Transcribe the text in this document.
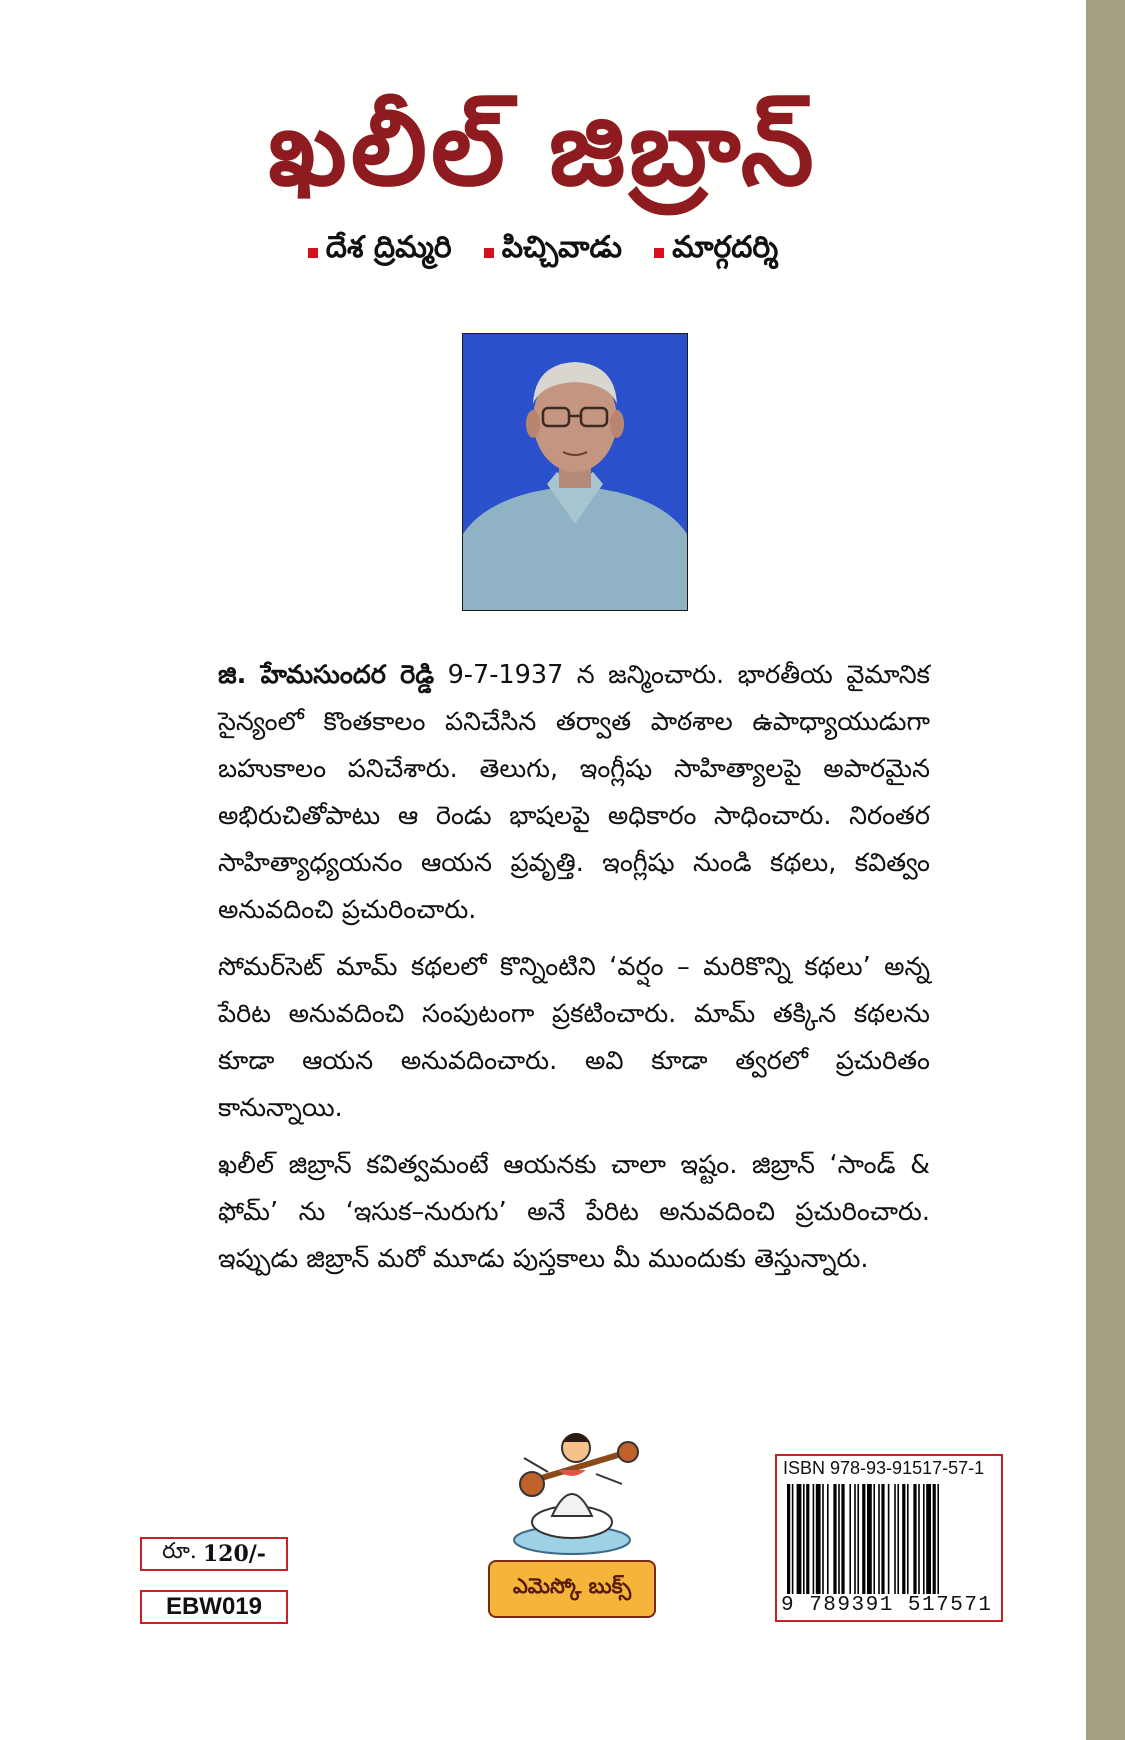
ఖలీల్ జిబ్రాన్
దేశ ద్రిమ్మరి పిచ్చివాడు మార్గదర్శి

జి. హేమసుందర రెడ్డి 9-7-1937 న జన్మించారు. భారతీయ వైమానిక సైన్యంలో కొంతకాలం పనిచేసిన తర్వాత పాఠశాల ఉపాధ్యాయుడుగా బహుకాలం పనిచేశారు. తెలుగు, ఇంగ్లీషు సాహిత్యాలపై అపారమైన అభిరుచితోపాటు ఆ రెండు భాషలపై అధికారం సాధించారు. నిరంతర సాహిత్యాధ్యయనం ఆయన ప్రవృత్తి. ఇంగ్లీషు నుండి కథలు, కవిత్వం అనువదించి ప్రచురించారు.

సోమర్‌సెట్ మామ్ కథలలో కొన్నింటిని ‘వర్షం – మరికొన్ని కథలు’ అన్న పేరిట అనువదించి సంపుటంగా ప్రకటించారు. మామ్ తక్కిన కథలను కూడా ఆయన అనువదించారు. అవి కూడా త్వరలో ప్రచురితం కానున్నాయి.

ఖలీల్ జిబ్రాన్ కవిత్వమంటే ఆయనకు చాలా ఇష్టం. జిబ్రాన్ ‘సాండ్ & ఫోమ్’ ను ‘ఇసుక–నురుగు’ అనే పేరిట అనువదించి ప్రచురించారు. ఇప్పుడు జిబ్రాన్ మరో మూడు పుస్తకాలు మీ ముందుకు తెస్తున్నారు.

ఎమెస్కో బుక్స్
రూ. 120/-
EBW019
ISBN 978-93-91517-57-1
9 789391 517571
